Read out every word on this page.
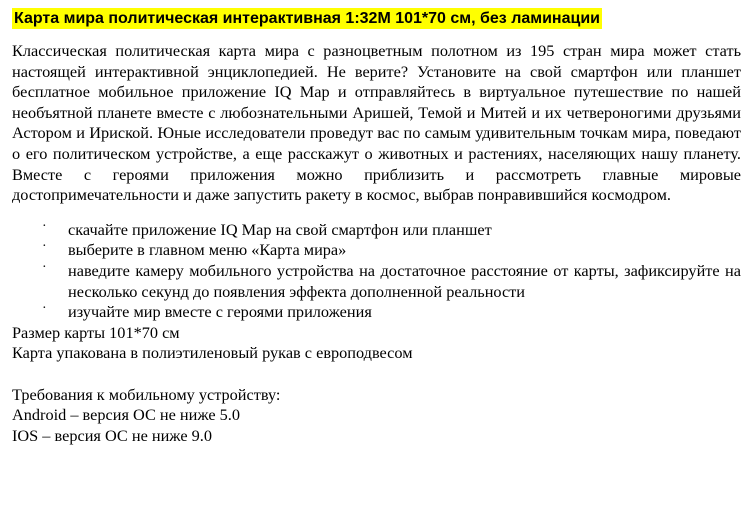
Карта мира политическая интерактивная 1:32M 101*70 см, без ламинации

Классическая политическая карта мира с разноцветным полотном из 195 стран мира может стать настоящей интерактивной энциклопедией. Не верите? Установите на свой смартфон или планшет бесплатное мобильное приложение IQ Map и отправляйтесь в виртуальное путешествие по нашей необъятной планете вместе с любознательными Аришей, Темой и Митей и их четвероногими друзьями Астором и Ириской. Юные исследователи проведут вас по самым удивительным точкам мира, поведают о его политическом устройстве, а еще расскажут о животных и растениях, населяющих нашу планету. Вместе с героями приложения можно приблизить и рассмотреть главные мировые достопримечательности и даже запустить ракету в космос, выбрав понравившийся космодром.

· скачайте приложение IQ Map на свой смартфон или планшет
· выберите в главном меню «Карта мира»
· наведите камеру мобильного устройства на достаточное расстояние от карты, зафиксируйте на несколько секунд до появления эффекта дополненной реальности
· изучайте мир вместе с героями приложения

Размер карты 101*70 см

Карта упакована в полиэтиленовый рукав с европодвесом

Требования к мобильному устройству:

Android – версия ОС не ниже 5.0

IOS – версия ОС не ниже 9.0
